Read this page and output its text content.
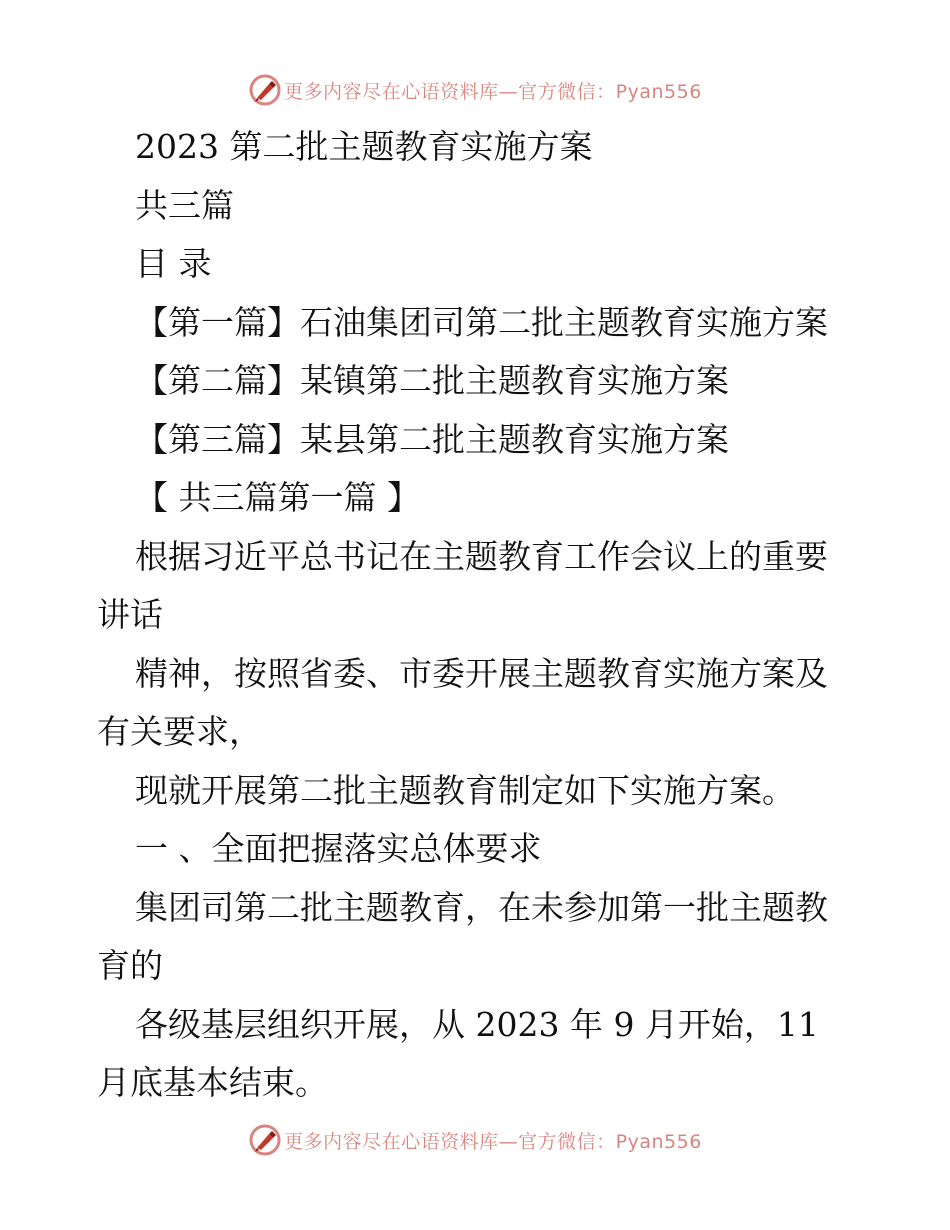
更多内容尽在心语资料库—官方微信：Pyan556
2023 第二批主题教育实施方案
共三篇
目 录
【第一篇】石油集团司第二批主题教育实施方案
【第二篇】某镇第二批主题教育实施方案
【第三篇】某县第二批主题教育实施方案
【 共三篇第一篇 】
根据习近平总书记在主题教育工作会议上的重要
讲话
精神，按照省委、市委开展主题教育实施方案及
有关要求，
现就开展第二批主题教育制定如下实施方案。
一 、全面把握落实总体要求
集团司第二批主题教育，在未参加第一批主题教
育的
各级基层组织开展，从 2023 年 9 月开始，11
月底基本结束。
更多内容尽在心语资料库—官方微信：Pyan556
